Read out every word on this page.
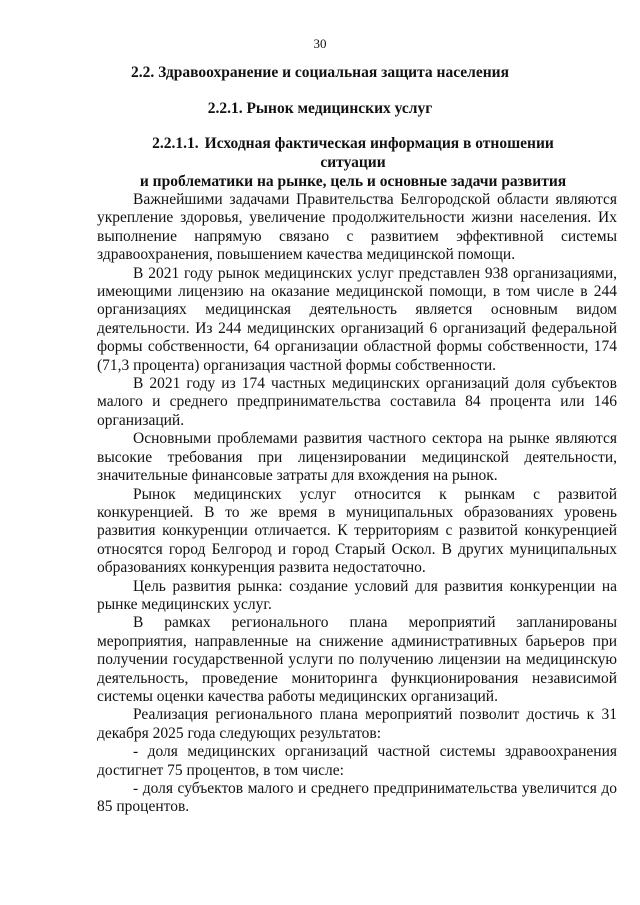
30
2.2. Здравоохранение и социальная защита населения
2.2.1. Рынок медицинских услуг
2.2.1.1. Исходная фактическая информация в отношении ситуации
и проблематики на рынке, цель и основные задачи развития

Важнейшими задачами Правительства Белгородской области являются укрепление здоровья, увеличение продолжительности жизни населения. Их выполнение напрямую связано с развитием эффективной системы здравоохранения, повышением качества медицинской помощи.

В 2021 году рынок медицинских услуг представлен 938 организациями, имеющими лицензию на оказание медицинской помощи, в том числе в 244 организациях медицинская деятельность является основным видом деятельности. Из 244 медицинских организаций 6 организаций федеральной формы собственности, 64 организации областной формы собственности, 174 (71,3 процента) организация частной формы собственности.

В 2021 году из 174 частных медицинских организаций доля субъектов малого и среднего предпринимательства составила 84 процента или 146 организаций.

Основными проблемами развития частного сектора на рынке являются высокие требования при лицензировании медицинской деятельности, значительные финансовые затраты для вхождения на рынок.

Рынок медицинских услуг относится к рынкам с развитой конкуренцией. В то же время в муниципальных образованиях уровень развития конкуренции отличается. К территориям с развитой конкуренцией относятся город Белгород и город Старый Оскол. В других муниципальных образованиях конкуренция развита недостаточно.

Цель развития рынка: создание условий для развития конкуренции на рынке медицинских услуг.

В рамках регионального плана мероприятий запланированы мероприятия, направленные на снижение административных барьеров при получении государственной услуги по получению лицензии на медицинскую деятельность, проведение мониторинга функционирования независимой системы оценки качества работы медицинских организаций.

Реализация регионального плана мероприятий позволит достичь к 31 декабря 2025 года следующих результатов:

- доля медицинских организаций частной системы здравоохранения достигнет 75 процентов, в том числе:

- доля субъектов малого и среднего предпринимательства увеличится до 85 процентов.
